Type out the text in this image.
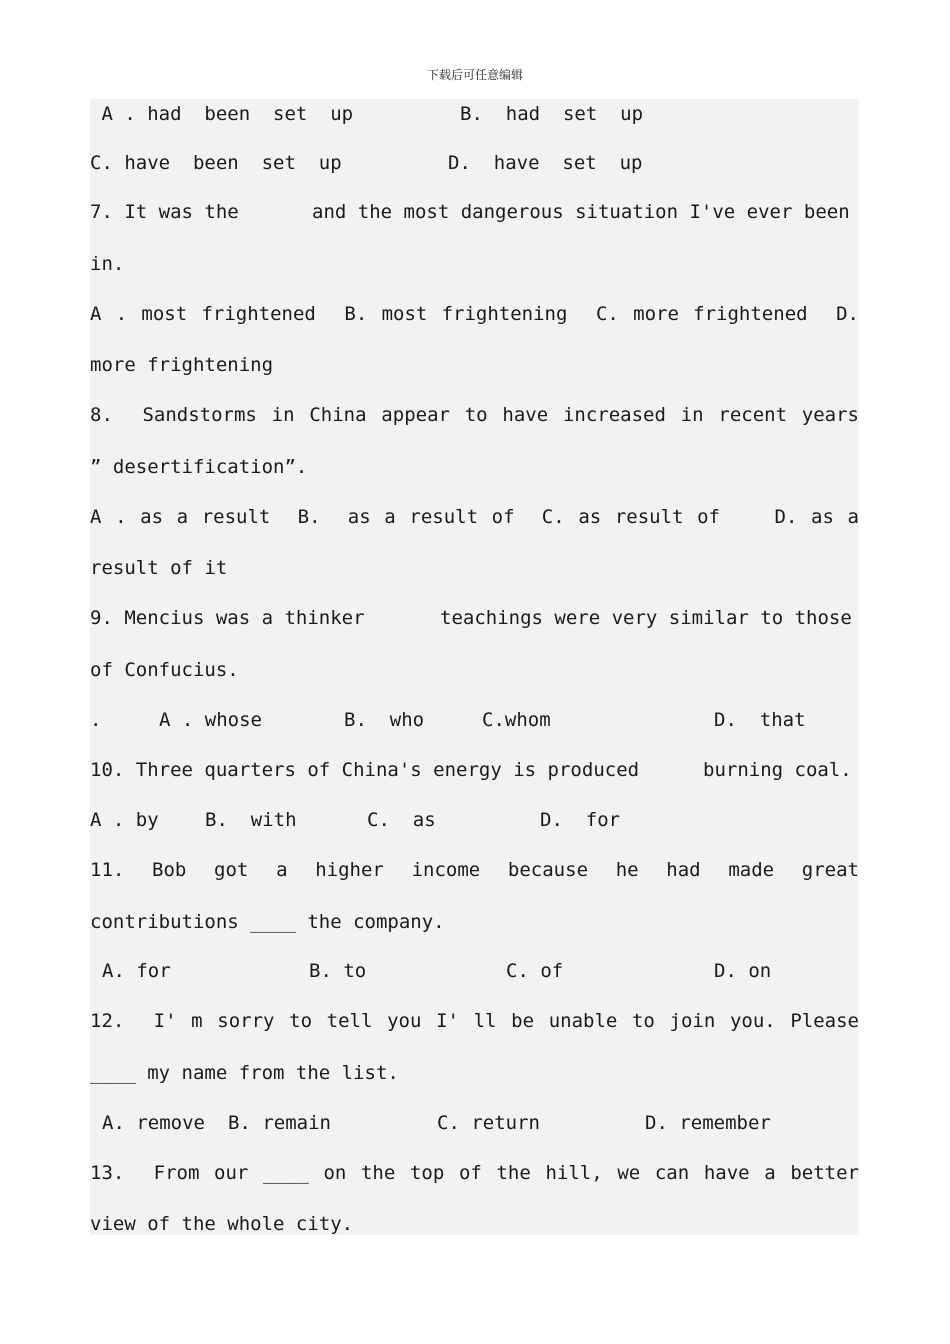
下载后可任意编辑

A . had  been  set  up

	B.  had  set  up

C. have  been  set  up

	D.  have  set  up

7. It was the

	and the most dangerous situation I've ever been

in.
A . most frightened  B. most frightening  C. more frightened  D.
more frightening
8.  Sandstorms in China appear to have increased in recent years
” desertification”.
A . as a result  B.  as a result of  C. as result of    D. as a
result of it

9. Mencius was a thinker

	teachings were very similar to those

of Confucius.

.

	A . whose

	B.  who

	C.whom

	D.  that

10. Three quarters of China's energy is produced

	burning coal.

A . by

B.  with

	C.  as

	D.  for

11.  Bob  got  a  higher  income  because  he  had  made  great
contributions ____ the company.

A. for

	B. to

	C. of

	D. on

12.  I' m sorry to tell you I' ll be unable to join you. Please
____ my name from the list.

A. remove

B. remain

	C. return

	D. remember

13.  From our ____ on the top of the hill, we can have a better
view of the whole city.
